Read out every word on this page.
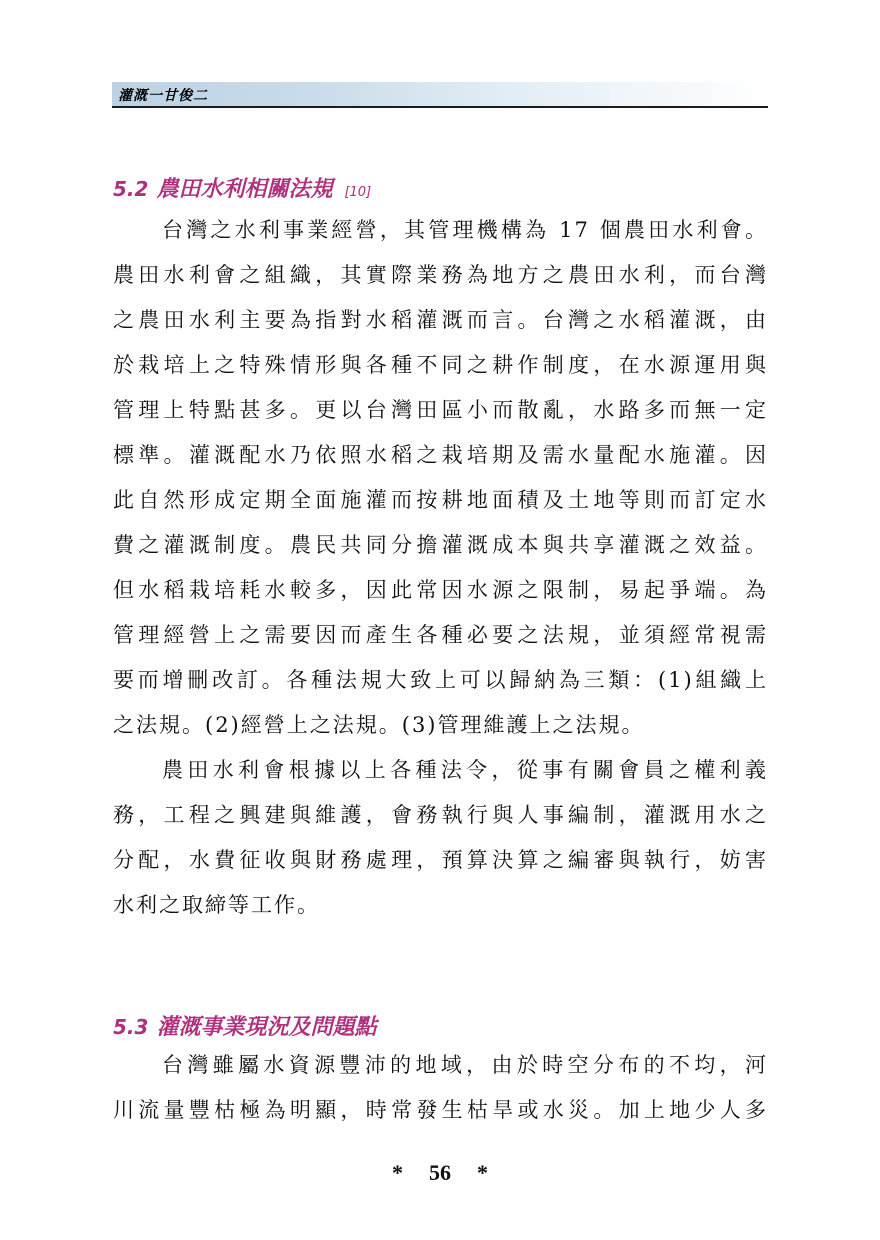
灌溉一甘俊二
5.2 農田水利相關法規 [10]
台灣之水利事業經營，其管理機構為 17 個農田水利會。
農田水利會之組織，其實際業務為地方之農田水利，而台灣
之農田水利主要為指對水稻灌溉而言。台灣之水稻灌溉，由
於栽培上之特殊情形與各種不同之耕作制度，在水源運用與
管理上特點甚多。更以台灣田區小而散亂，水路多而無一定
標準。灌溉配水乃依照水稻之栽培期及需水量配水施灌。因
此自然形成定期全面施灌而按耕地面積及土地等則而訂定水
費之灌溉制度。農民共同分擔灌溉成本與共享灌溉之效益。
但水稻栽培耗水較多，因此常因水源之限制，易起爭端。為
管理經營上之需要因而產生各種必要之法規，並須經常視需
要而增刪改訂。各種法規大致上可以歸納為三類：(1)組織上
之法規。(2)經營上之法規。(3)管理維護上之法規。
農田水利會根據以上各種法令，從事有關會員之權利義
務，工程之興建與維護，會務執行與人事編制，灌溉用水之
分配，水費征收與財務處理，預算決算之編審與執行，妨害
水利之取締等工作。
5.3 灌溉事業現況及問題點
台灣雖屬水資源豐沛的地域，由於時空分布的不均，河
川流量豐枯極為明顯，時常發生枯旱或水災。加上地少人多
* 56 *
